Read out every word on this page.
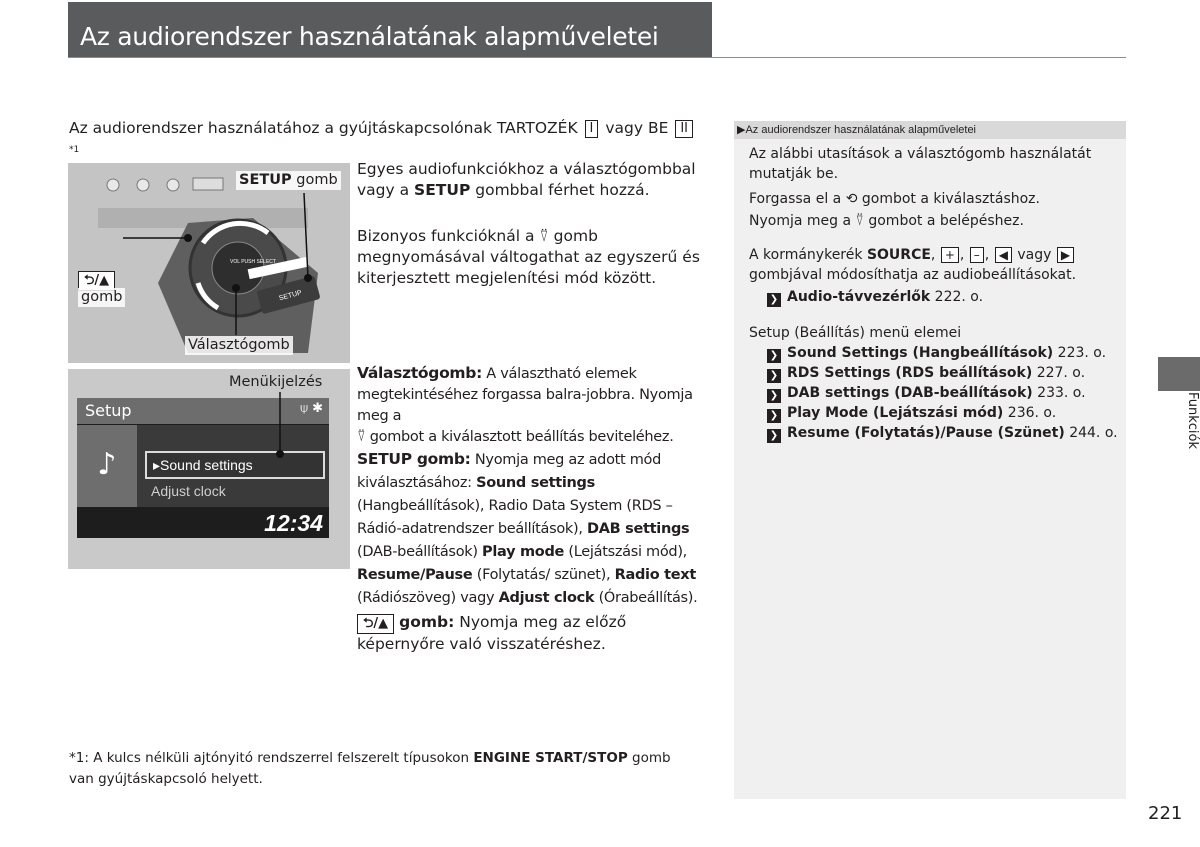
Az audiorendszer használatának alapműveletei
Az audiorendszer használatához a gyújtáskapcsolónak TARTOZÉK I vagy BE II$^{*1}$

SETUP
VOL PUSH SELECT
SETUP gomb
⮌/▲
gomb
Választógomb
Menükijelzés
Setup	⍦ ✱
♪	▸Sound settings
Adjust clock
12:34
Egyes audiofunkciókhoz a választógombbal vagy a SETUP gombbal férhet hozzá.
Bizonyos funkcióknál a ⍢ gomb megnyomásával váltogathat az egyszerű és kiterjesztett megjelenítési mód között.
Választógomb: A választható elemek megtekintéséhez forgassa balra-jobbra. Nyomja meg a
⍢ gombot a kiválasztott beállítás beviteléhez.
SETUP gomb: Nyomja meg az adott mód kiválasztásához: Sound settings (Hangbeállítások), Radio Data System (RDS – Rádió-adatrendszer beállítások), DAB settings (DAB-beállítások) Play mode (Lejátszási mód), Resume/Pause (Folytatás/ szünet), Radio text (Rádiószöveg) vagy Adjust clock (Órabeállítás).
⮌/▲ gomb: Nyomja meg az előző képernyőre való visszatéréshez.
▶Az audiorendszer használatának alapműveletei
Az alábbi utasítások a választógomb használatát mutatják be.
Forgassa el a ⟲ gombot a kiválasztáshoz.
Nyomja meg a ⍢ gombot a belépéshez.
A kormánykerék SOURCE, + , – , ◀ vagy ▶
gombjával módosíthatja az audiobeállításokat.
❯ Audio-távvezérlők 222. o.
Setup (Beállítás) menü elemei
❯ Sound Settings (Hangbeállítások) 223. o.
❯ RDS Settings (RDS beállítások) 227. o.
❯ DAB settings (DAB-beállítások) 233. o.
❯ Play Mode (Lejátszási mód) 236. o.
❯ Resume (Folytatás)/Pause (Szünet) 244. o.	Funkciók
*1: A kulcs nélküli ajtónyitó rendszerrel felszerelt típusokon ENGINE START/STOP gomb van gyújtáskapcsoló helyett.
221
